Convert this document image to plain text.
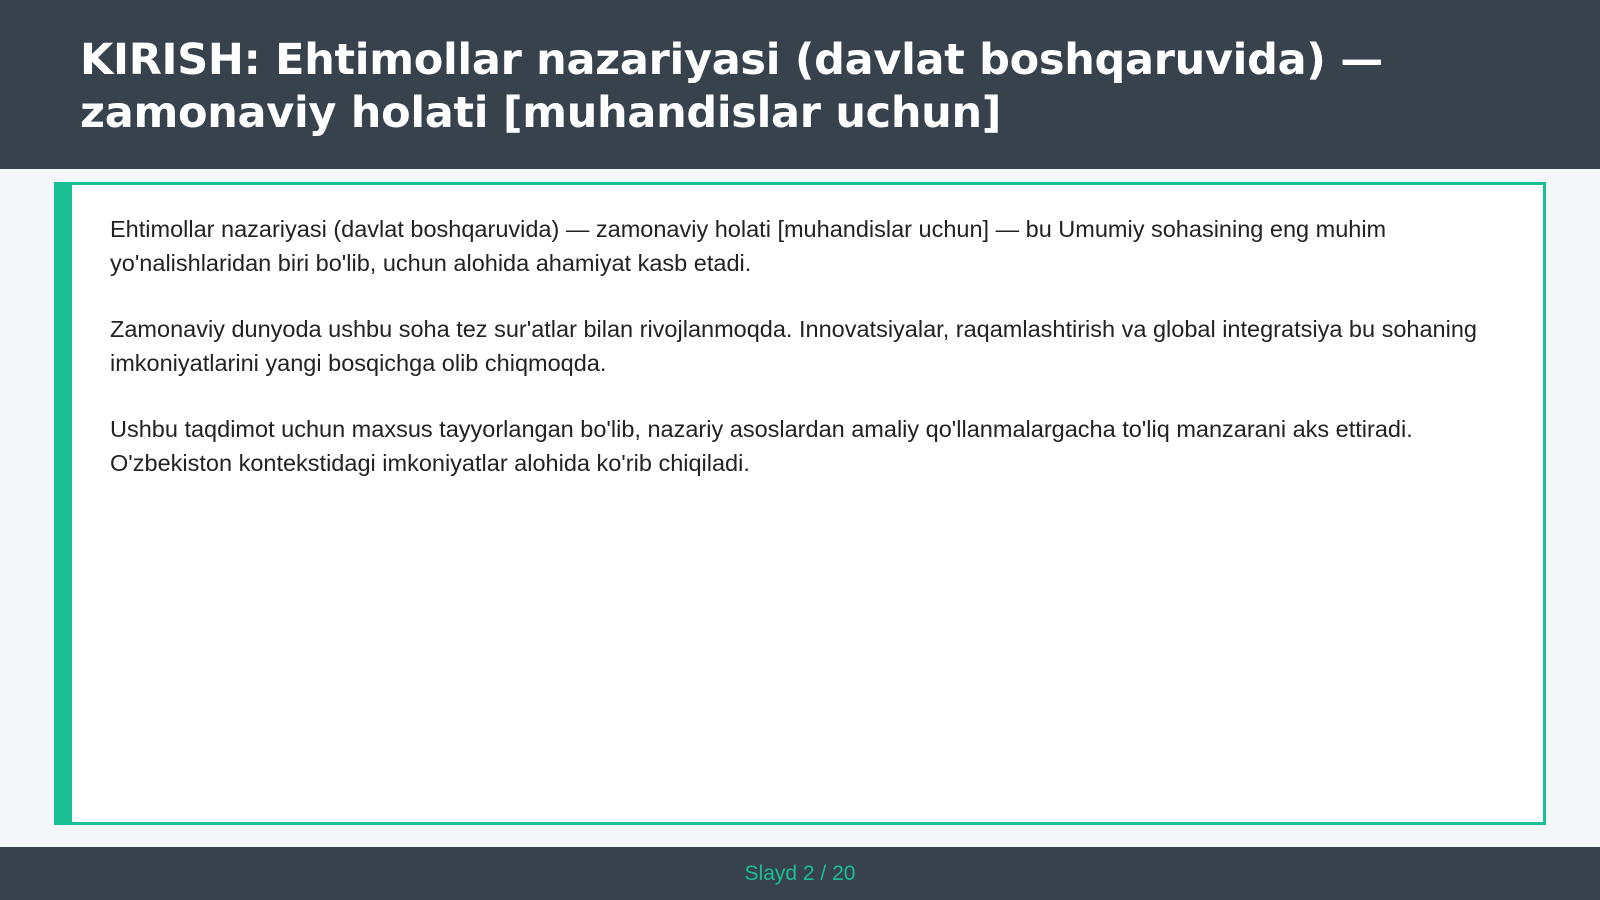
KIRISH: Ehtimollar nazariyasi (davlat boshqaruvida) — zamonaviy holati [muhandislar uchun]

Ehtimollar nazariyasi (davlat boshqaruvida) — zamonaviy holati [muhandislar uchun] — bu Umumiy sohasining eng muhim yo'nalishlaridan biri bo'lib, uchun alohida ahamiyat kasb etadi.

Zamonaviy dunyoda ushbu soha tez sur'atlar bilan rivojlanmoqda. Innovatsiyalar, raqamlashtirish va global integratsiya bu sohaning imkoniyatlarini yangi bosqichga olib chiqmoqda.

Ushbu taqdimot uchun maxsus tayyorlangan bo'lib, nazariy asoslardan amaliy qo'llanmalargacha to'liq manzarani aks ettiradi. O'zbekiston kontekstidagi imkoniyatlar alohida ko'rib chiqiladi.

Slayd 2 / 20
